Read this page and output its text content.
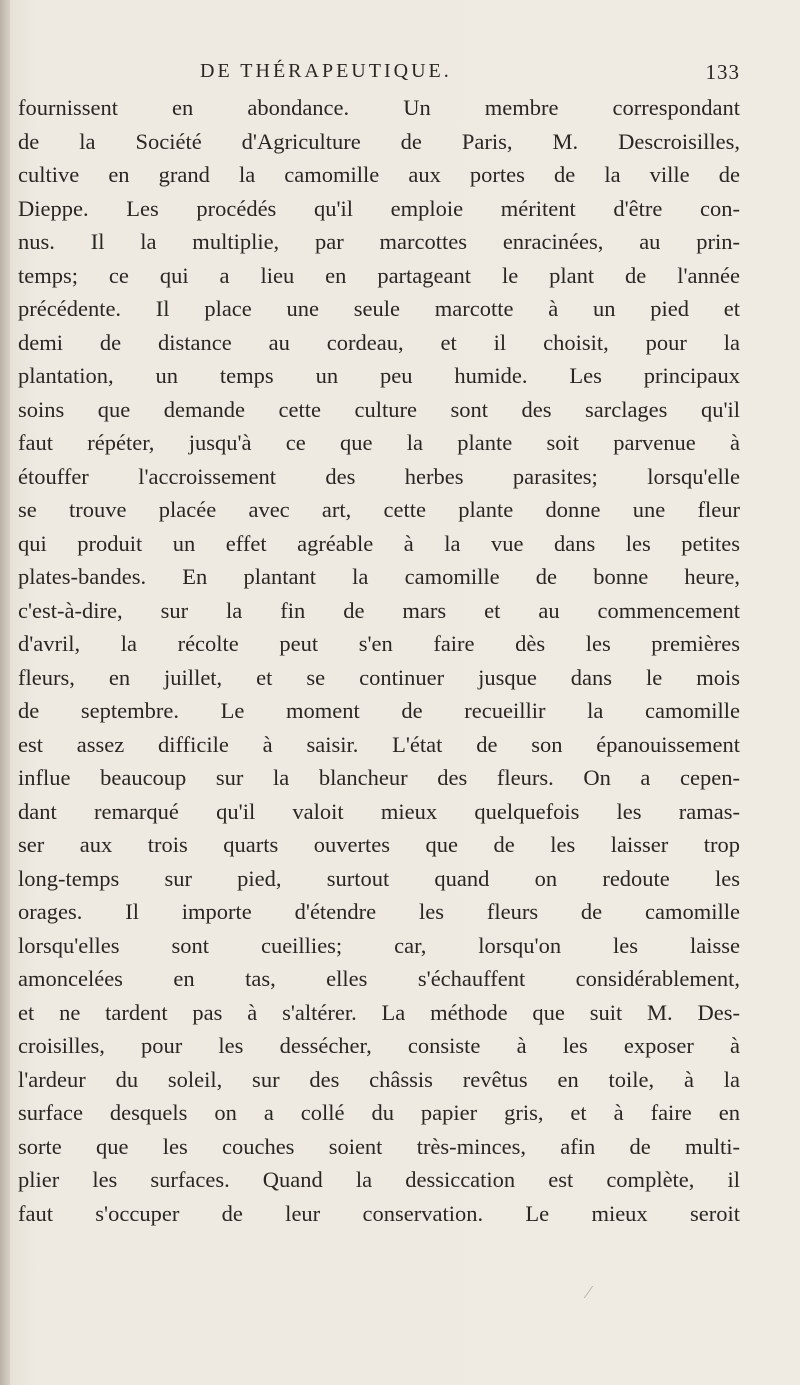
DE THÉRAPEUTIQUE.	133
fournissent en abondance. Un membre correspondant
de la Société d'Agriculture de Paris, M. Descroisilles,
cultive en grand la camomille aux portes de la ville de
Dieppe. Les procédés qu'il emploie méritent d'être con-
nus. Il la multiplie, par marcottes enracinées, au prin-
temps; ce qui a lieu en partageant le plant de l'année
précédente. Il place une seule marcotte à un pied et
demi de distance au cordeau, et il choisit, pour la
plantation, un temps un peu humide. Les principaux
soins que demande cette culture sont des sarclages qu'il
faut répéter, jusqu'à ce que la plante soit parvenue à
étouffer l'accroissement des herbes parasites; lorsqu'elle
se trouve placée avec art, cette plante donne une fleur
qui produit un effet agréable à la vue dans les petites
plates-bandes. En plantant la camomille de bonne heure,
c'est-à-dire, sur la fin de mars et au commencement
d'avril, la récolte peut s'en faire dès les premières
fleurs, en juillet, et se continuer jusque dans le mois
de septembre. Le moment de recueillir la camomille
est assez difficile à saisir. L'état de son épanouissement
influe beaucoup sur la blancheur des fleurs. On a cepen-
dant remarqué qu'il valoit mieux quelquefois les ramas-
ser aux trois quarts ouvertes que de les laisser trop
long-temps sur pied, surtout quand on redoute les
orages. Il importe d'étendre les fleurs de camomille
lorsqu'elles sont cueillies; car, lorsqu'on les laisse
amoncelées en tas, elles s'échauffent considérablement,
et ne tardent pas à s'altérer. La méthode que suit M. Des-
croisilles, pour les dessécher, consiste à les exposer à
l'ardeur du soleil, sur des châssis revêtus en toile, à la
surface desquels on a collé du papier gris, et à faire en
sorte que les couches soient très-minces, afin de multi-
plier les surfaces. Quand la dessiccation est complète, il
faut s'occuper de leur conservation. Le mieux seroit
